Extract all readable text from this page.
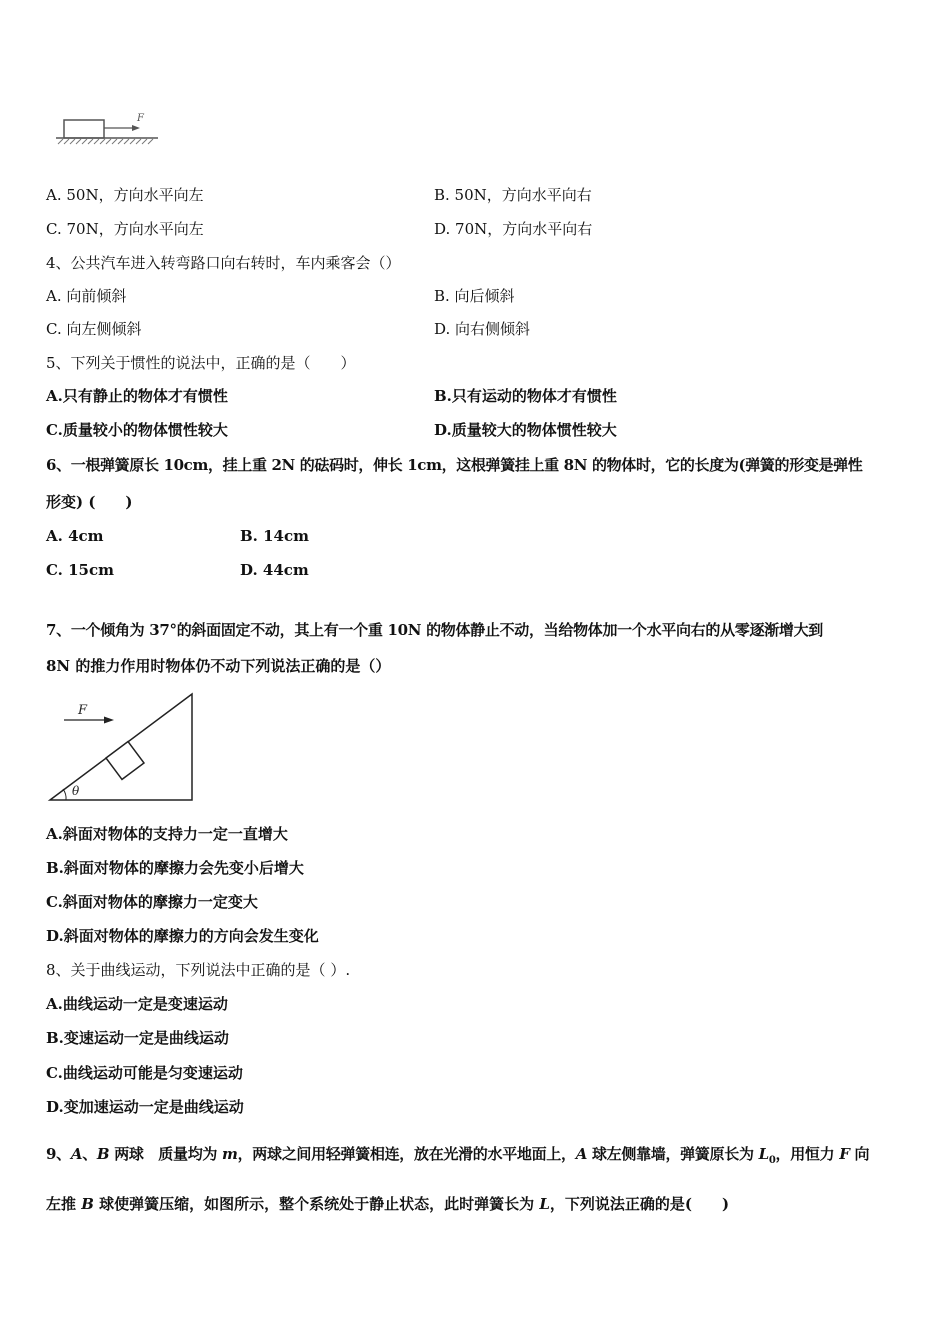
F
A. 50N，方向水平向左	B. 50N，方向水平向右
C. 70N，方向水平向左	D. 70N，方向水平向右
4、公共汽车进入转弯路口向右转时，车内乘客会（）
A. 向前倾斜	B. 向后倾斜
C. 向左侧倾斜	D. 向右侧倾斜
5、下列关于惯性的说法中，正确的是（　　）
A.只有静止的物体才有惯性	B.只有运动的物体才有惯性
C.质量较小的物体惯性较大	D.质量较大的物体惯性较大
6、一根弹簧原长 10cm，挂上重 2N 的砝码时，伸长 1cm，这根弹簧挂上重 8N 的物体时，它的长度为(弹簧的形变是弹性
形变) (　　)
A. 4cm	B. 14cm
C. 15cm	D. 44cm
7、一个倾角为 37°的斜面固定不动，其上有一个重 10N 的物体静止不动，当给物体加一个水平向右的从零逐渐增大到
8N 的推力作用时物体仍不动下列说法正确的是（）
F
θ
A.斜面对物体的支持力一定一直增大
B.斜面对物体的摩擦力会先变小后增大
C.斜面对物体的摩擦力一定变大
D.斜面对物体的摩擦力的方向会发生变化
8、关于曲线运动，下列说法中正确的是（ ）.
A.曲线运动一定是变速运动
B.变速运动一定是曲线运动
C.曲线运动可能是匀变速运动
D.变加速运动一定是曲线运动
9、A、B 两球　质量均为 m，两球之间用轻弹簧相连，放在光滑的水平地面上，A 球左侧靠墙，弹簧原长为 $L_0$，用恒力 F 向
左推 B 球使弹簧压缩，如图所示，整个系统处于静止状态，此时弹簧长为 L，下列说法正确的是(　　)
